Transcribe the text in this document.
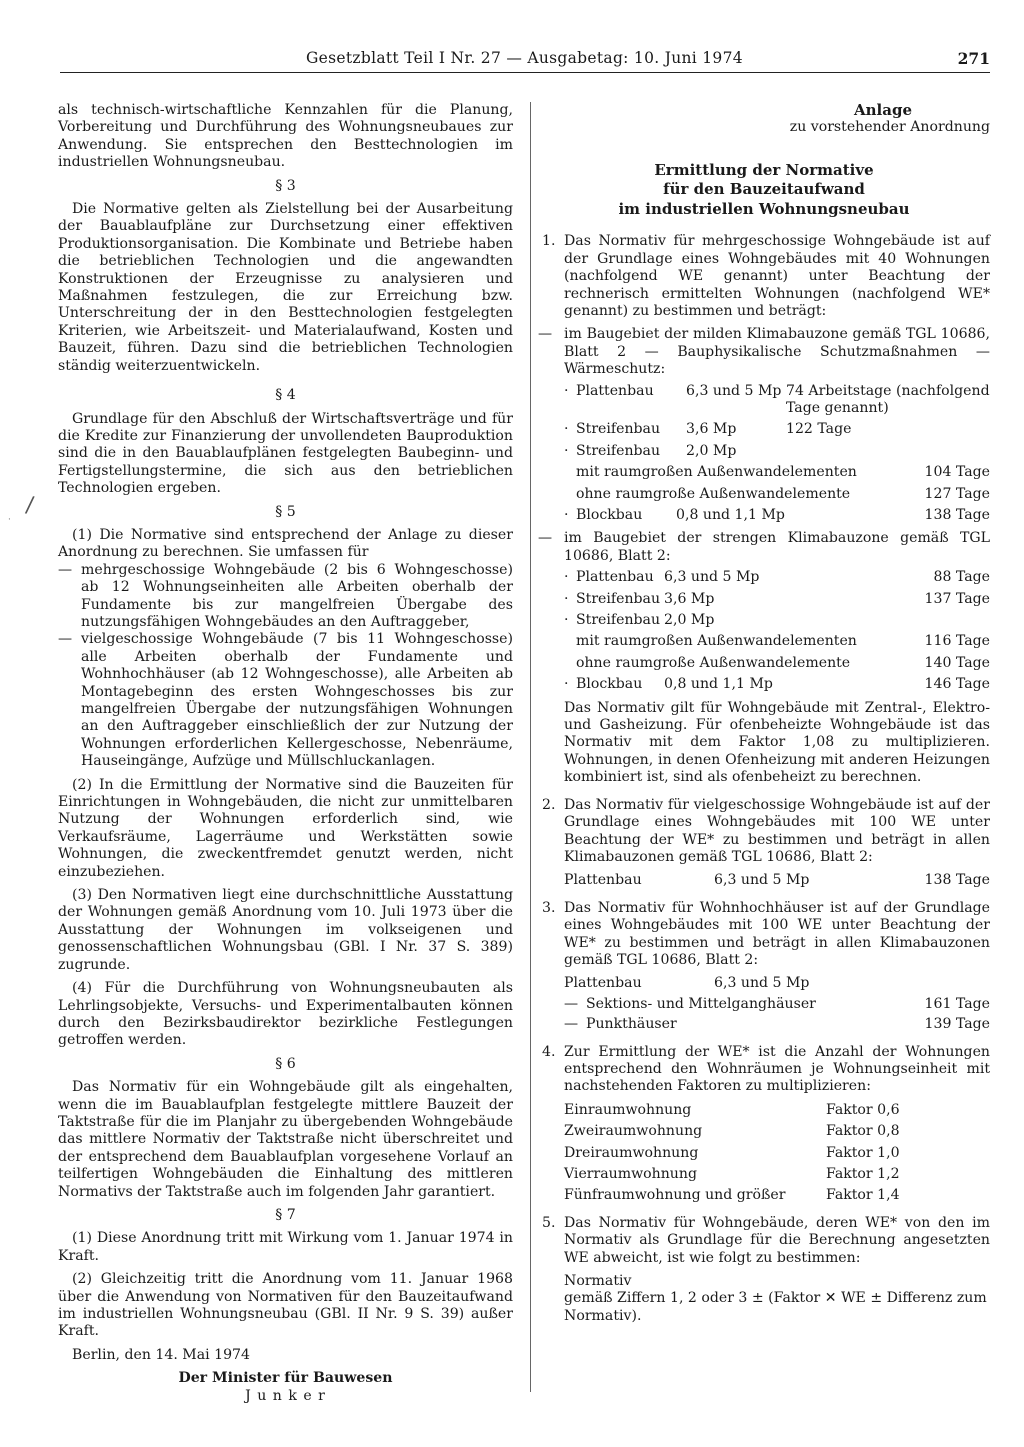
Gesetzblatt Teil I Nr. 27 — Ausgabetag: 10. Juni 1974	271
/
·

als technisch-wirtschaftliche Kennzahlen für die Planung, Vorbereitung und Durchführung des Wohnungsneubaues zur Anwendung. Sie entsprechen den Besttechnologien im industriellen Wohnungsneubau.

§ 3

Die Normative gelten als Zielstellung bei der Ausarbeitung der Bauablaufpläne zur Durchsetzung einer effektiven Produktionsorganisation. Die Kombinate und Betriebe haben die betrieblichen Technologien und die angewandten Konstruktionen der Erzeugnisse zu analysieren und Maßnahmen festzulegen, die zur Erreichung bzw. Unterschreitung der in den Besttechnologien festgelegten Kriterien, wie Arbeitszeit- und Materialaufwand, Kosten und Bauzeit, führen. Dazu sind die betrieblichen Technologien ständig weiterzuentwickeln.

§ 4

Grundlage für den Abschluß der Wirtschaftsverträge und für die Kredite zur Finanzierung der unvollendeten Bauproduktion sind die in den Bauablaufplänen festgelegten Baubeginn- und Fertigstellungstermine, die sich aus den betrieblichen Technologien ergeben.

§ 5

(1) Die Normative sind entsprechend der Anlage zu dieser Anordnung zu berechnen. Sie umfassen für

— mehrgeschossige Wohngebäude (2 bis 6 Wohngeschosse) ab 12 Wohnungseinheiten alle Arbeiten oberhalb der Fundamente bis zur mangelfreien Übergabe des nutzungsfähigen Wohngebäudes an den Auftraggeber,
— vielgeschossige Wohngebäude (7 bis 11 Wohngeschosse) alle Arbeiten oberhalb der Fundamente und Wohnhochhäuser (ab 12 Wohngeschosse), alle Arbeiten ab Montagebeginn des ersten Wohngeschosses bis zur mangelfreien Übergabe der nutzungsfähigen Wohnungen an den Auftraggeber einschließlich der zur Nutzung der Wohnungen erforderlichen Kellergeschosse, Nebenräume, Hauseingänge, Aufzüge und Müllschluckanlagen.

(2) In die Ermittlung der Normative sind die Bauzeiten für Einrichtungen in Wohngebäuden, die nicht zur unmittelbaren Nutzung der Wohnungen erforderlich sind, wie Verkaufsräume, Lagerräume und Werkstätten sowie Wohnungen, die zweckentfremdet genutzt werden, nicht einzubeziehen.

(3) Den Normativen liegt eine durchschnittliche Ausstattung der Wohnungen gemäß Anordnung vom 10. Juli 1973 über die Ausstattung der Wohnungen im volkseigenen und genossenschaftlichen Wohnungsbau (GBl. I Nr. 37 S. 389) zugrunde.

(4) Für die Durchführung von Wohnungsneubauten als Lehrlingsobjekte, Versuchs- und Experimentalbauten können durch den Bezirksbaudirektor bezirkliche Festlegungen getroffen werden.

§ 6

Das Normativ für ein Wohngebäude gilt als eingehalten, wenn die im Bauablaufplan festgelegte mittlere Bauzeit der Taktstraße für die im Planjahr zu übergebenden Wohngebäude das mittlere Normativ der Taktstraße nicht überschreitet und der entsprechend dem Bauablaufplan vorgesehene Vorlauf an teilfertigen Wohngebäuden die Einhaltung des mittleren Normativs der Taktstraße auch im folgenden Jahr garantiert.

§ 7

(1) Diese Anordnung tritt mit Wirkung vom 1. Januar 1974 in Kraft.

(2) Gleichzeitig tritt die Anordnung vom 11. Januar 1968 über die Anwendung von Normativen für den Bauzeitaufwand im industriellen Wohnungsneubau (GBl. II Nr. 9 S. 39) außer Kraft.

Berlin, den 14. Mai 1974

Der Minister für Bauwesen
J u n k e r
Anlage
zu vorstehender Anordnung
Ermittlung der Normative
für den Bauzeitaufwand
im industriellen Wohnungsneubau
1. Das Normativ für mehrgeschossige Wohngebäude ist auf der Grundlage eines Wohngebäudes mit 40 Wohnungen (nachfolgend WE genannt) unter Beachtung der rechnerisch ermittelten Wohnungen (nachfolgend WE* genannt) zu bestimmen und beträgt:
— im Baugebiet der milden Klimabauzone gemäß TGL 10686, Blatt 2 — Bauphysikalische Schutzmaßnahmen — Wärmeschutz:
· Plattenbau	6,3 und 5 Mp 74 Arbeitstage (nachfolgend Tage genannt)
· Streifenbau	3,6 Mp	122 Tage
· Streifenbau	2,0 Mp
mit raumgroßen Außenwandelementen	104 Tage
ohne raumgroße Außenwandelemente	127 Tage
· Blockbau	0,8 und 1,1 Mp	138 Tage
— im Baugebiet der strengen Klimabauzone gemäß TGL 10686, Blatt 2:
· Plattenbau 6,3 und 5 Mp	88 Tage
· Streifenbau 3,6 Mp	137 Tage
· Streifenbau 2,0 Mp
mit raumgroßen Außenwandelementen	116 Tage
ohne raumgroße Außenwandelemente	140 Tage
· Blockbau	0,8 und 1,1 Mp	146 Tage

Das Normativ gilt für Wohngebäude mit Zentral-, Elektro- und Gasheizung. Für ofenbeheizte Wohngebäude ist das Normativ mit dem Faktor 1,08 zu multiplizieren. Wohnungen, in denen Ofenheizung mit anderen Heizungen kombiniert ist, sind als ofenbeheizt zu berechnen.

2. Das Normativ für vielgeschossige Wohngebäude ist auf der Grundlage eines Wohngebäudes mit 100 WE unter Beachtung der WE* zu bestimmen und beträgt in allen Klimabauzonen gemäß TGL 10686, Blatt 2:
Plattenbau	6,3 und 5 Mp	138 Tage
3. Das Normativ für Wohnhochhäuser ist auf der Grundlage eines Wohngebäudes mit 100 WE unter Beachtung der WE* zu bestimmen und beträgt in allen Klimabauzonen gemäß TGL 10686, Blatt 2:
Plattenbau	6,3 und 5 Mp
— Sektions- und Mittelganghäuser	161 Tage
— Punkthäuser	139 Tage
4. Zur Ermittlung der WE* ist die Anzahl der Wohnungen entsprechend den Wohnräumen je Wohnungseinheit mit nachstehenden Faktoren zu multiplizieren:
Einraumwohnung	Faktor 0,6
Zweiraumwohnung	Faktor 0,8
Dreiraumwohnung	Faktor 1,0
Vierraumwohnung	Faktor 1,2
Fünfraumwohnung und größer	Faktor 1,4
5. Das Normativ für Wohngebäude, deren WE* von den im Normativ als Grundlage für die Berechnung angesetzten WE abweicht, ist wie folgt zu bestimmen:
Normativ
gemäß Ziffern 1, 2 oder 3 ± (Faktor ✕ WE ± Differenz zum Normativ).
